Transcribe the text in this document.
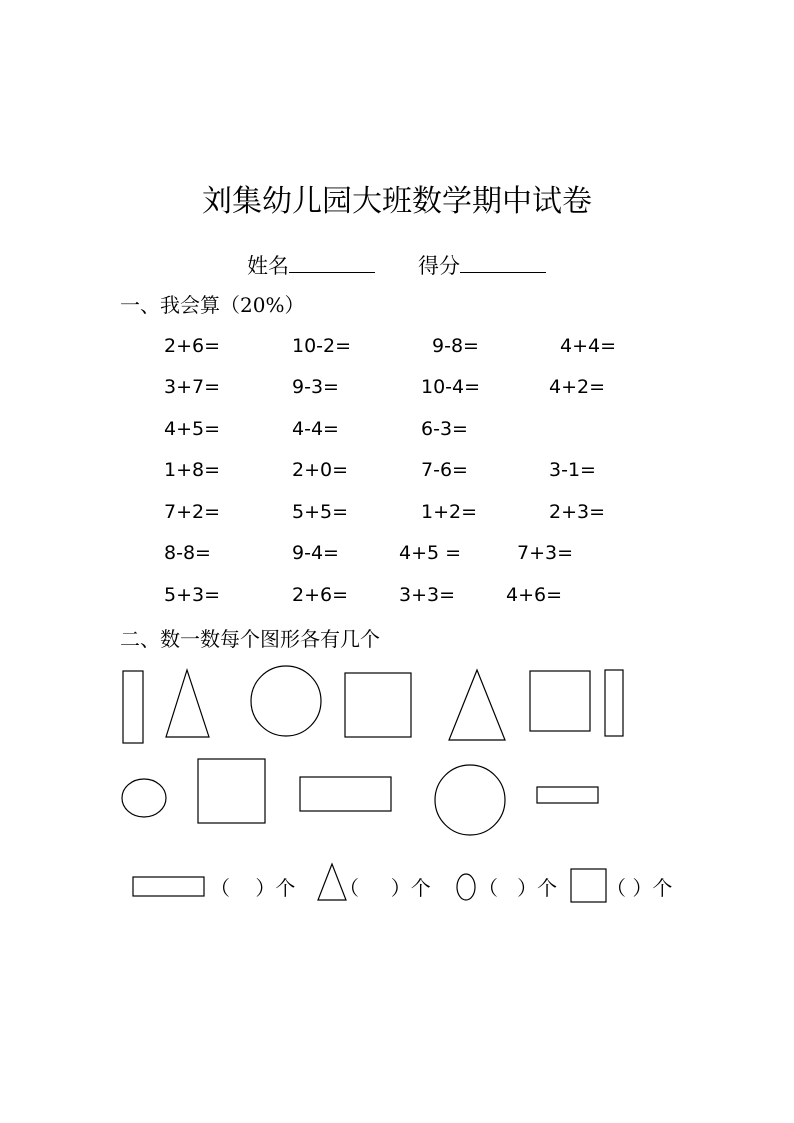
刘集幼儿园大班数学期中试卷
姓名	得分
一、我会算（20%）
2+6=	10-2=	9-8=	4+4=
3+7=	9-3=	10-4=	4+2=
4+5=	4-4=	6-3=
1+8=	2+0=	7-6=	3-1=
7+2=	5+5=	1+2=	2+3=
8-8=	9-4=	4+5 =	7+3=
5+3=	2+6=	3+3=	4+6=
二、数一数每个图形各有几个
（    ）个 （     ）个 （   ）个 （ ）个
